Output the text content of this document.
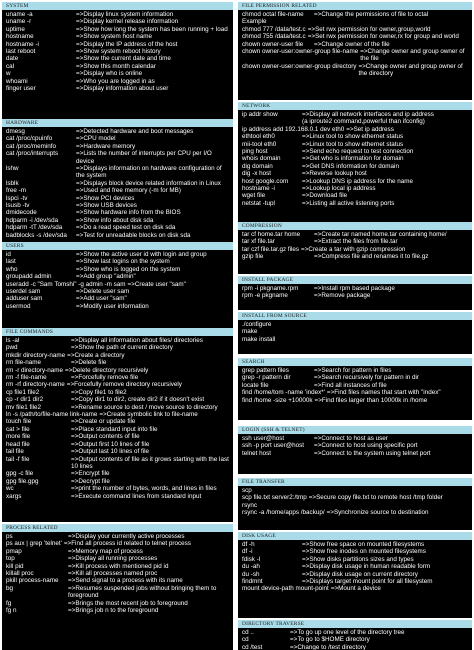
SYSTEM
uname -a	=>Display linux system information
uname -r	=>Display kernel release information
uptime	=>Show how long the system has been running + load
hostname	=>Show system host name
hostname -i	=>Display the IP address of the host
last reboot	=>Show system reboot history
date	=>Show the current date and time
cal	=>Show this month calendar
w	=>Display who is online
whoami	=>Who you are logged in as
finger user	=>Display information about user
HARDWARE
dmesg	=>Detected hardware and boot messages
cat /proc/cpuinfo	=>CPU model
cat /proc/meminfo	=>Hardware memory
cat /proc/interrupts	=>Lists the number of interrupts per CPU per I/O device
lshw	=>Displays information on hardware configuration of the system
lsblk	=>Displays block device related information in Linux
free -m	=>Used and free memory (-m for MB)
lspci -tv	=>Show PCI devices
lsusb -tv	=>Show USB devices
dmidecode	=>Show hardware info from the BIOS
hdparm -i /dev/sda	=>Show info about disk sda
hdparm -tT /dev/sda	=>Do a read speed test on disk sda
badblocks -s /dev/sda	=>Test for unreadable blocks on disk sda
USERS
id	=>Show the active user id with login and group
last	=>Show last logins on the system
who	=>Show who is logged on the system
groupadd admin	=>Add group "admin"
useradd -c "Sam Tomshi" -g admin -m sam =>Create user "sam"
userdel sam	=>Delete user sam
adduser sam	=>Add user "sam"
usermod	=>Modify user information
FILE COMMANDS
ls -al	=>Display all information about files/ directories
pwd	=>Show the path of current directory
mkdir directory-name =>Create a directory
rm file-name	=>Delete file
rm -r directory-name =>Delete directory recursively
rm -f file-name	=>Forcefully remove file
rm -rf directory-name =>Forcefully remove directory recursively
cp file1 file2	=>Copy file1 to file2
cp -r dir1 dir2	=>Copy dir1 to dir2, create dir2 if it doesn't exist
mv file1 file2	=>Rename source to dest / move source to directory
ln -s /path/to/file-name link-name =>Create symbolic link to file-name
touch file	=>Create or update file
cat > file	=>Place standard input into file
more file	=>Output contents of file
head file	=>Output first 10 lines of file
tail file	=>Output last 10 lines of file
tail -f file	=>Output contents of file as it grows starting with the last 10 lines
gpg -c file	=>Encrypt file
gpg file.gpg	=>Decrypt file
wc	=>print the number of bytes, words, and lines in files
xargs	=>Execute command lines from standard input
PROCESS RELATED
ps	=>Display your currently active processes
ps aux | grep 'telnet' =>Find all process id related to telnet process
pmap	=>Memory map of process
top	=>Display all running processes
kill pid	=>Kill process with mentioned pid id
killall proc	=>Kill all processes named proc
pkill process-name	=>Send signal to a process with its name
bg	=>Resumes suspended jobs without bringing them to foreground
fg	=>Brings the most recent job to foreground
fg n	=>Brings job n to the foreground
FILE PERMISSION RELATED
chmod octal file-name	=>Change the permissions of file to octal
Example
chmod 777 /data/test.c =>Set rwx permission for owner,group,world
chmod 755 /data/test.c =>Set rwx permission for owner,rx for group and world
chown owner-user file	=>Change owner of the file
chown owner-user:owner-group file-name =>Change owner and group owner of the file
chown owner-user:owner-group directory =>Change owner and group owner of the directory
NETWORK
ip addr show	=>Display all network interfaces and ip address
(a iproute2 command,powerful than ifconfig)
ip address add 192.168.0.1 dev eth0 =>Set ip address
ethtool eth0	=>Linux tool to show ethernet status
mii-tool eth0	=>Linux tool to show ethernet status
ping host	=>Send echo request to test connection
whois domain	=>Get who is information for domain
dig domain	=>Get DNS information for domain
dig -x host	=>Reverse lookup host
host google.com	=>Lookup DNS ip address for the name
hostname -i	=>Lookup local ip address
wget file	=>Download file
netstat -tupl	=>Listing all active listening ports
COMPRESSION
tar cf home.tar home	=>Create tar named home.tar containing home/
tar xf file.tar	=>Extract the files from file.tar
tar czf file.tar.gz files =>Create a tar with gzip compression
gzip file	=>Compress file and renames it to file.gz
INSTALL PACKAGE
rpm -i pkgname.rpm	=>Install rpm based package
rpm -e pkgname	=>Remove package
INSTALL FROM SOURCE
./configure
make
make install
SEARCH
grep pattern files	=>Search for pattern in files
grep -r pattern dir	=>Search recursively for pattern in dir
locate file	=>Find all instances of file
find /home/tom -name 'index*' =>Find files names that start with "index"
find /home -size +10000k =>Find files larger than 10000k in /home
LOGIN (SSH & TELNET)
ssh user@host	=>Connect to host as user
ssh -p port user@host	=>Connect to host using specific port
telnet host	=>Connect to the system using telnet port
FILE TRANSFER
scp
scp file.txt server2:/tmp =>Secure copy file.txt to remote host /tmp folder
rsync
rsync -a /home/apps /backup/ =>Synchronize source to destination
DISK USAGE
df -h	=>Show free space on mounted filesystems
df -i	=>Show free inodes on mounted filesystems
fdisk -l	=>Show disks partitions sizes and types
du -ah	=>Display disk usage in human readable form
du -sh	=>Display disk usage on current directory
findmnt	=>Displays target mount point for all filesystem
mount device-path mount-point =>Mount a device
DIRECTORY TRAVERSE
cd ..	=>To go up one level of the directory tree
cd	=>To go to $HOME directory
cd /test	=>Change to /test directory
